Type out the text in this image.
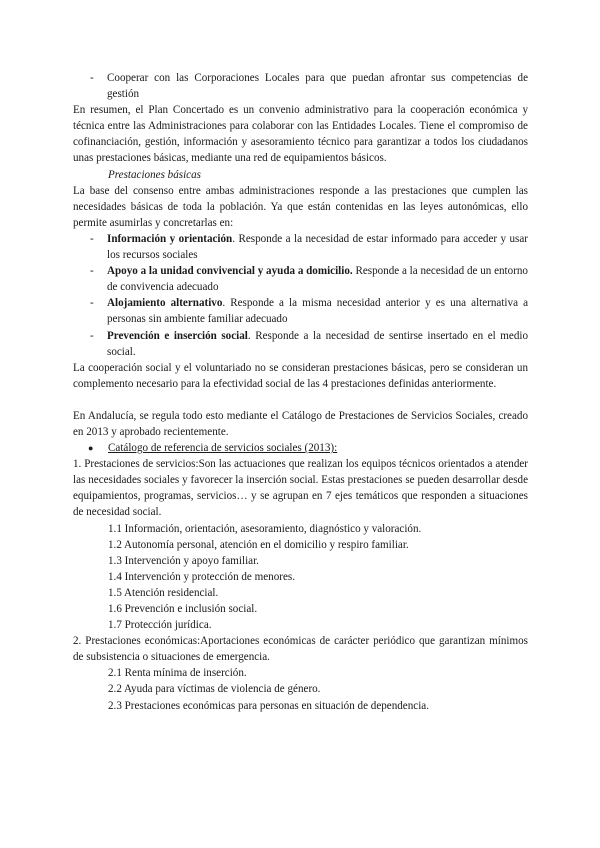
- Cooperar con las Corporaciones Locales para que puedan afrontar sus competencias de gestión

En resumen, el Plan Concertado es un convenio administrativo para la cooperación económica y técnica entre las Administraciones para colaborar con las Entidades Locales. Tiene el compromiso de cofinanciación, gestión, información y asesoramiento técnico para garantizar a todos los ciudadanos unas prestaciones básicas, mediante una red de equipamientos básicos.

Prestaciones básicas

La base del consenso entre ambas administraciones responde a las prestaciones que cumplen las necesidades básicas de toda la población. Ya que están contenidas en las leyes autonómicas, ello permite asumirlas y concretarlas en:

- Información y orientación. Responde a la necesidad de estar informado para acceder y usar los recursos sociales

- Apoyo a la unidad convivencial y ayuda a domicilio. Responde a la necesidad de un entorno de convivencia adecuado

- Alojamiento alternativo. Responde a la misma necesidad anterior y es una alternativa a personas sin ambiente familiar adecuado

- Prevención e inserción social. Responde a la necesidad de sentirse insertado en el medio social.

La cooperación social y el voluntariado no se consideran prestaciones básicas, pero se consideran un complemento necesario para la efectividad social de las 4 prestaciones definidas anteriormente.

En Andalucía, se regula todo esto mediante el Catálogo de Prestaciones de Servicios Sociales, creado en 2013 y aprobado recientemente.

● Catálogo de referencia de servicios sociales (2013):

1. Prestaciones de servicios:Son las actuaciones que realizan los equipos técnicos orientados a atender las necesidades sociales y favorecer la inserción social. Estas prestaciones se pueden desarrollar desde equipamientos, programas, servicios… y se agrupan en 7 ejes temáticos que responden a situaciones de necesidad social.

1.1 Información, orientación, asesoramiento, diagnóstico y valoración.

1.2 Autonomía personal, atención en el domicilio y respiro familiar.

1.3 Intervención y apoyo familiar.

1.4 Intervención y protección de menores.

1.5 Atención residencial.

1.6 Prevención e inclusión social.

1.7 Protección jurídica.

2. Prestaciones económicas:Aportaciones económicas de carácter periódico que garantizan mínimos de subsistencia o situaciones de emergencia.

2.1 Renta mínima de inserción.

2.2 Ayuda para víctimas de violencia de género.

2.3 Prestaciones económicas para personas en situación de dependencia.
